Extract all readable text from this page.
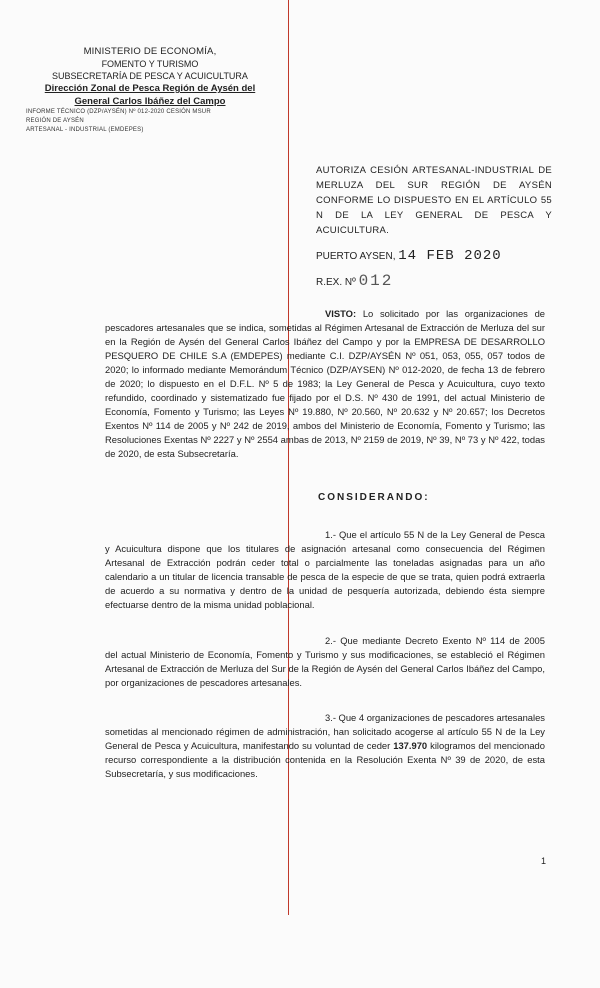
MINISTERIO DE ECONOMÍA,
FOMENTO Y TURISMO
SUBSECRETARÍA DE PESCA Y ACUICULTURA
Dirección Zonal de Pesca Región de Aysén del
General Carlos Ibáñez del Campo
INFORME TÉCNICO (DZP/AYSÉN) Nº 012-2020 CESIÓN MSUR
REGIÓN DE AYSÉN
ARTESANAL - INDUSTRIAL (EMDEPES)
AUTORIZA CESIÓN ARTESANAL-INDUSTRIAL DE MERLUZA DEL SUR REGIÓN DE AYSÉN CONFORME LO DISPUESTO EN EL ARTÍCULO 55 N DE LA LEY GENERAL DE PESCA Y ACUICULTURA.
PUERTO AYSEN, 14 FEB 2020
R.EX. Nº 012
VISTO: Lo solicitado por las organizaciones de pescadores artesanales que se indica, sometidas al Régimen Artesanal de Extracción de Merluza del sur en la Región de Aysén del General Carlos Ibáñez del Campo y por la EMPRESA DE DESARROLLO PESQUERO DE CHILE S.A (EMDEPES) mediante C.I. DZP/AYSÉN Nº 051, 053, 055, 057 todos de 2020; lo informado mediante Memorándum Técnico (DZP/AYSEN) Nº 012-2020, de fecha 13 de febrero de 2020; lo dispuesto en el D.F.L. Nº 5 de 1983; la Ley General de Pesca y Acuicultura, cuyo texto refundido, coordinado y sistematizado fue fijado por el D.S. Nº 430 de 1991, del actual Ministerio de Economía, Fomento y Turismo; las Leyes Nº 19.880, Nº 20.560, Nº 20.632 y Nº 20.657; los Decretos Exentos Nº 114 de 2005 y Nº 242 de 2019, ambos del Ministerio de Economía, Fomento y Turismo; las Resoluciones Exentas Nº 2227 y Nº 2554 ambas de 2013, Nº 2159 de 2019, Nº 39, Nº 73 y Nº 422, todas de 2020, de esta Subsecretaría.
CONSIDERANDO:
1.- Que el artículo 55 N de la Ley General de Pesca y Acuicultura dispone que los titulares de asignación artesanal como consecuencia del Régimen Artesanal de Extracción podrán ceder total o parcialmente las toneladas asignadas para un año calendario a un titular de licencia transable de pesca de la especie de que se trata, quien podrá extraerla de acuerdo a su normativa y dentro de la unidad de pesquería autorizada, debiendo ésta siempre efectuarse dentro de la misma unidad poblacional.
2.- Que mediante Decreto Exento Nº 114 de 2005 del actual Ministerio de Economía, Fomento y Turismo y sus modificaciones, se estableció el Régimen Artesanal de Extracción de Merluza del Sur de la Región de Aysén del General Carlos Ibáñez del Campo, por organizaciones de pescadores artesanales.
3.- Que 4 organizaciones de pescadores artesanales sometidas al mencionado régimen de administración, han solicitado acogerse al artículo 55 N de la Ley General de Pesca y Acuicultura, manifestando su voluntad de ceder 137.970 kilogramos del mencionado recurso correspondiente a la distribución contenida en la Resolución Exenta Nº 39 de 2020, de esta Subsecretaría, y sus modificaciones.
1
